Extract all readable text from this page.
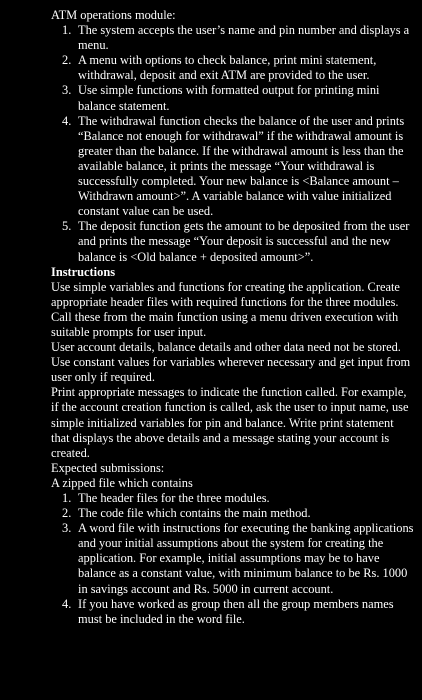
ATM operations module:

1. The system accepts the user’s name and pin number and displays a menu.
2. A menu with options to check balance, print mini statement, withdrawal, deposit and exit ATM are provided to the user.
3. Use simple functions with formatted output for printing mini balance statement.
4. The withdrawal function checks the balance of the user and prints “Balance not enough for withdrawal” if the withdrawal amount is greater than the balance. If the withdrawal amount is less than the available balance, it prints the message “Your withdrawal is successfully completed. Your new balance is <Balance amount – Withdrawn amount>”. A variable balance with value initialized constant value can be used.
5. The deposit function gets the amount to be deposited from the user and prints the message “Your deposit is successful and the new balance is <Old balance + deposited amount>”.

Instructions

Use simple variables and functions for creating the application. Create appropriate header files with required functions for the three modules. Call these from the main function using a menu driven execution with suitable prompts for user input.

User account details, balance details and other data need not be stored. Use constant values for variables wherever necessary and get input from user only if required.

Print appropriate messages to indicate the function called. For example, if the account creation function is called, ask the user to input name, use simple initialized variables for pin and balance. Write print statement that displays the above details and a message stating your account is created.

Expected submissions:

A zipped file which contains

1. The header files for the three modules.
2. The code file which contains the main method.
3. A word file with instructions for executing the banking applications and your initial assumptions about the system for creating the application. For example, initial assumptions may be to have balance as a constant value, with minimum balance to be Rs. 1000 in savings account and Rs. 5000 in current account.
4. If you have worked as group then all the group members names must be included in the word file.
